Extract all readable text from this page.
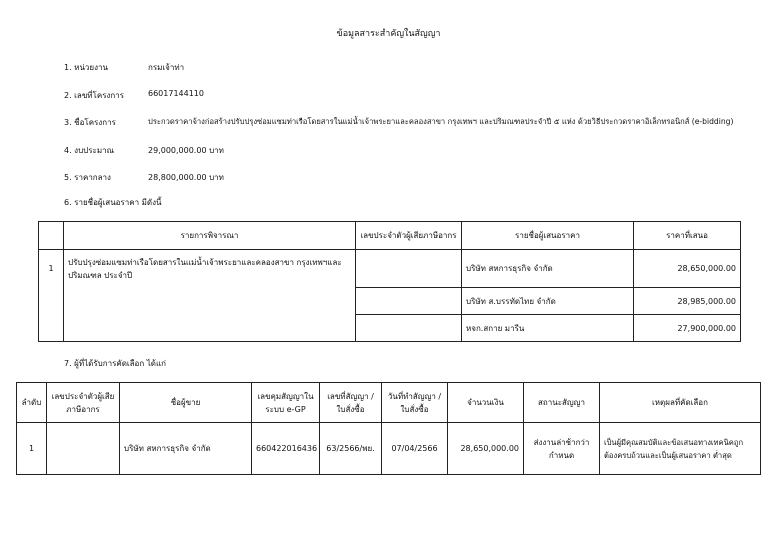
ข้อมูลสาระสำคัญในสัญญา
1. หน่วยงาน	กรมเจ้าท่า
2. เลขที่โครงการ	66017144110
3. ชื่อโครงการ	ประกวดราคาจ้างก่อสร้างปรับปรุงซ่อมแซมท่าเรือโดยสารในแม่น้ำเจ้าพระยาและคลองสาขา กรุงเทพฯ และปริมณฑลประจำปี ๕ แห่ง ด้วยวิธีประกวดราคาอิเล็กทรอนิกส์ (e-bidding)
4. งบประมาณ	29,000,000.00 บาท
5. ราคากลาง	28,800,000.00 บาท
6. รายชื่อผู้เสนอราคา มีดังนี้
	รายการพิจารณา	เลขประจำตัวผู้เสียภาษีอากร	รายชื่อผู้เสนอราคา	ราคาที่เสนอ
1	ปรับปรุงซ่อมแซมท่าเรือโดยสารในแม่น้ำเจ้าพระยาและคลองสาขา กรุงเทพฯและปริมณฑล ประจำปี		บริษัท สหการธุรกิจ จำกัด	28,650,000.00
			บริษัท ส.บรรทัดไทย จำกัด	28,985,000.00
			หจก.สกาย มารีน	27,900,000.00
7. ผู้ที่ได้รับการคัดเลือก ได้แก่
ลำดับ	เลขประจำตัวผู้เสียภาษีอากร	ชื่อผู้ขาย	เลขคุมสัญญาในระบบ e-GP	เลขที่สัญญา / ใบสั่งซื้อ	วันที่ทำสัญญา / ใบสั่งซื้อ	จำนวนเงิน	สถานะสัญญา	เหตุผลที่คัดเลือก
1		บริษัท สหการธุรกิจ จำกัด	660422016436	63/2566/พย.	07/04/2566	28,650,000.00	ส่งงานล่าช้ากว่ากำหนด	เป็นผู้มีคุณสมบัติและข้อเสนอทางเทคนิคถูกต้องครบถ้วนและเป็นผู้เสนอราคา ต่ำสุด
